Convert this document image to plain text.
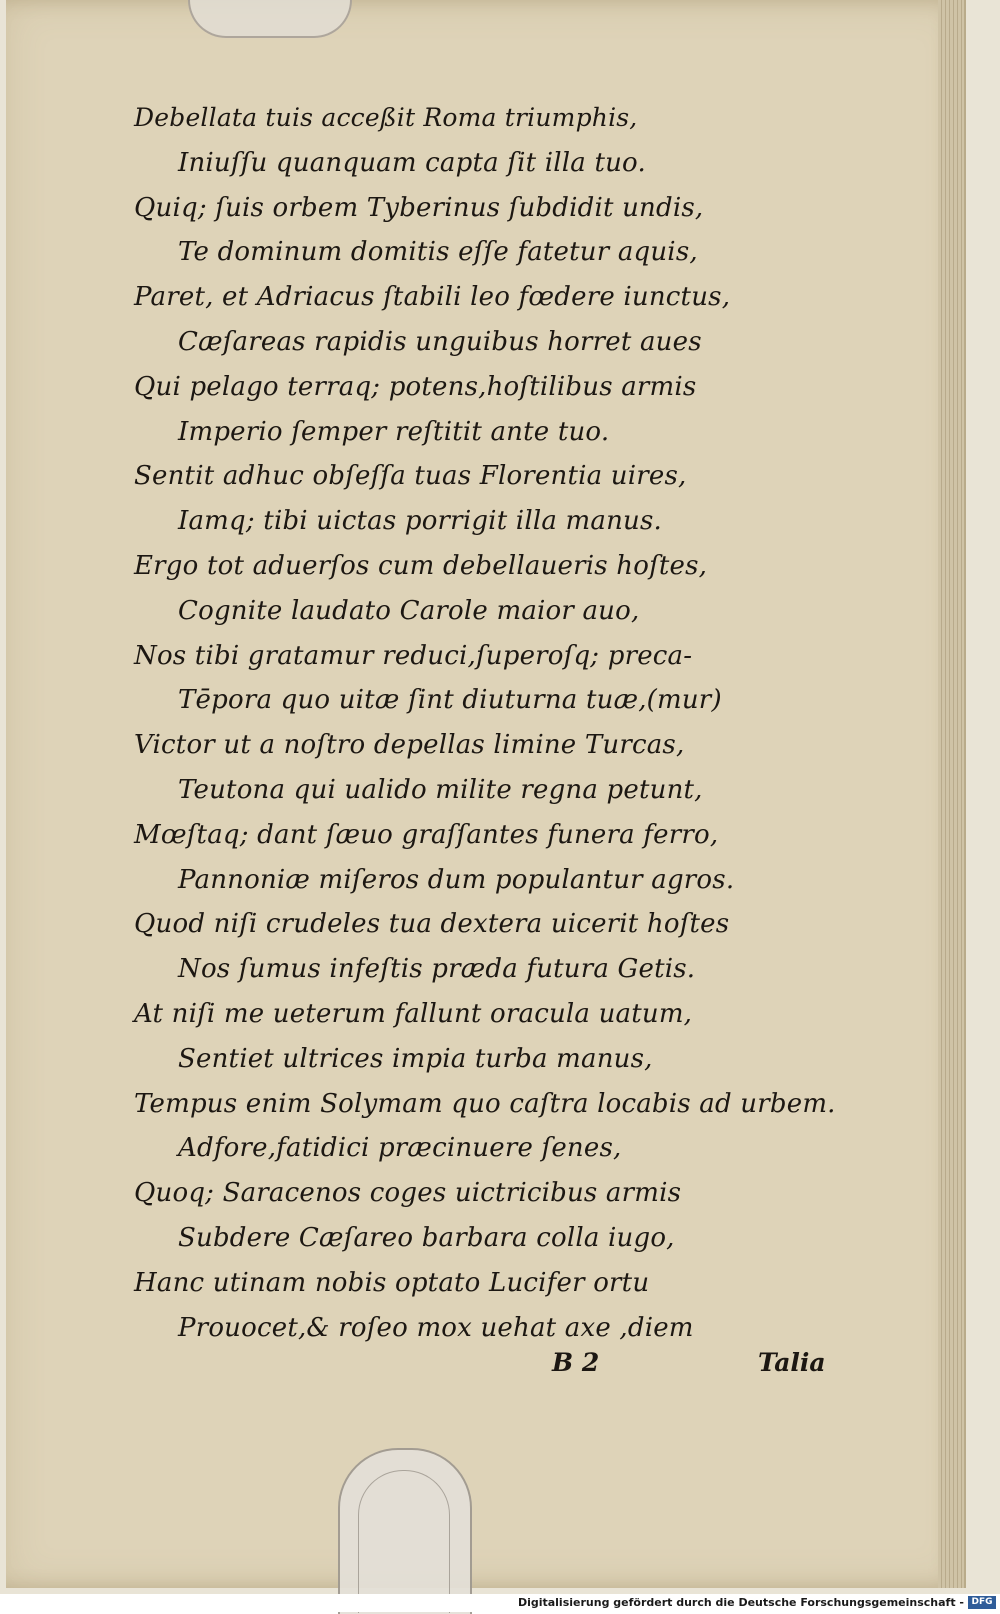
Debellata tuis acceßit Roma triumphis,
Iniuſſu quanquam capta ſit illa tuo.
Quiq; ſuis orbem Tyberinus ſubdidit undis,
Te dominum domitis eſſe fatetur aquis,
Paret, et Adriacus ſtabili leo fœdere iunctus,
Cæſareas rapidis unguibus horret aues
Qui pelago terraq; potens,hoſtilibus armis
Imperio ſemper reſtitit ante tuo.
Sentit adhuc obſeſſa tuas Florentia uires,
Iamq; tibi uictas porrigit illa manus.
Ergo tot aduerſos cum debellaueris hoſtes,
Cognite laudato Carole maior auo,
Nos tibi gratamur reduci,ſuperoſq; preca-
Tēpora quo uitæ ſint diuturna tuæ,(mur)
Victor ut a noſtro depellas limine Turcas,
Teutona qui ualido milite regna petunt,
Mœſtaq; dant ſæuo graſſantes funera ferro,
Pannoniæ miſeros dum populantur agros.
Quod niſi crudeles tua dextera uicerit hoſtes
Nos ſumus infeſtis præda futura Getis.
At niſi me ueterum fallunt oracula uatum,
Sentiet ultrices impia turba manus,
Tempus enim Solymam quo caſtra locabis ad urbem.
Adfore,fatidici præcinuere ſenes,
Quoq; Saracenos coges uictricibus armis
Subdere Cæſareo barbara colla iugo,
Hanc utinam nobis optato Lucifer ortu
Prouocet,& roſeo mox uehat axe ,diem
B 2	Talia
Digitalisierung gefördert durch die Deutsche Forschungsgemeinschaft - DFG
